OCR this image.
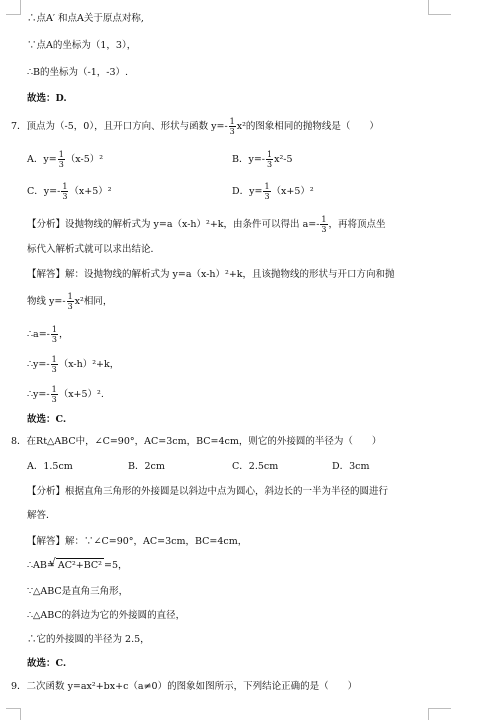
∴点A′ 和点A关于原点对称,
∵点A的坐标为（1，3），
∴B的坐标为（-1，-3）.
故选：D.
7．顶点为（-5，0），且开口方向、形状与函数 $y=- \frac{1}{3} x^2$的图象相同的抛物线是（　　）
A．$y= \frac{1}{3} (x-5)^2$	B．$y=- \frac{1}{3} x^2-5$
C．$y=- \frac{1}{3} (x+5)^2$	D．$y= \frac{1}{3} (x+5)^2$
【分析】设抛物线的解析式为 y=a（x-h）²+k，由条件可以得出 $a=- \frac{1}{3}$ ，再将顶点坐
标代入解析式就可以求出结论．
【解答】解：设抛物线的解析式为 y=a（x-h）²+k，且该抛物线的形状与开口方向和抛
物线 $y=- \frac{1}{3} x^2$相同，
∴a=- $\frac{1}{3}$ ，
∴y=- $\frac{1}{3} (x-h)^2+k$，
∴y=- $\frac{1}{3} (x+5)^2$.
故选：C.
8．在Rt△ABC中，∠C=90°，AC=3cm，BC=4cm，则它的外接圆的半径为（　　）
A．1.5cm	B．2cm	C．2.5cm	D．3cm
【分析】根据直角三角形的外接圆是以斜边中点为圆心，斜边长的一半为半径的圆进行
解答．
【解答】解：∵∠C=90°，AC=3cm，BC=4cm，
∴AB=√ AC²+BC² =5，
∵△ABC是直角三角形，
∴△ABC的斜边为它的外接圆的直径，
∴它的外接圆的半径为 2.5，
故选：C.
9．二次函数 y=ax²+bx+c（a≠0）的图象如图所示，下列结论正确的是（　　）
